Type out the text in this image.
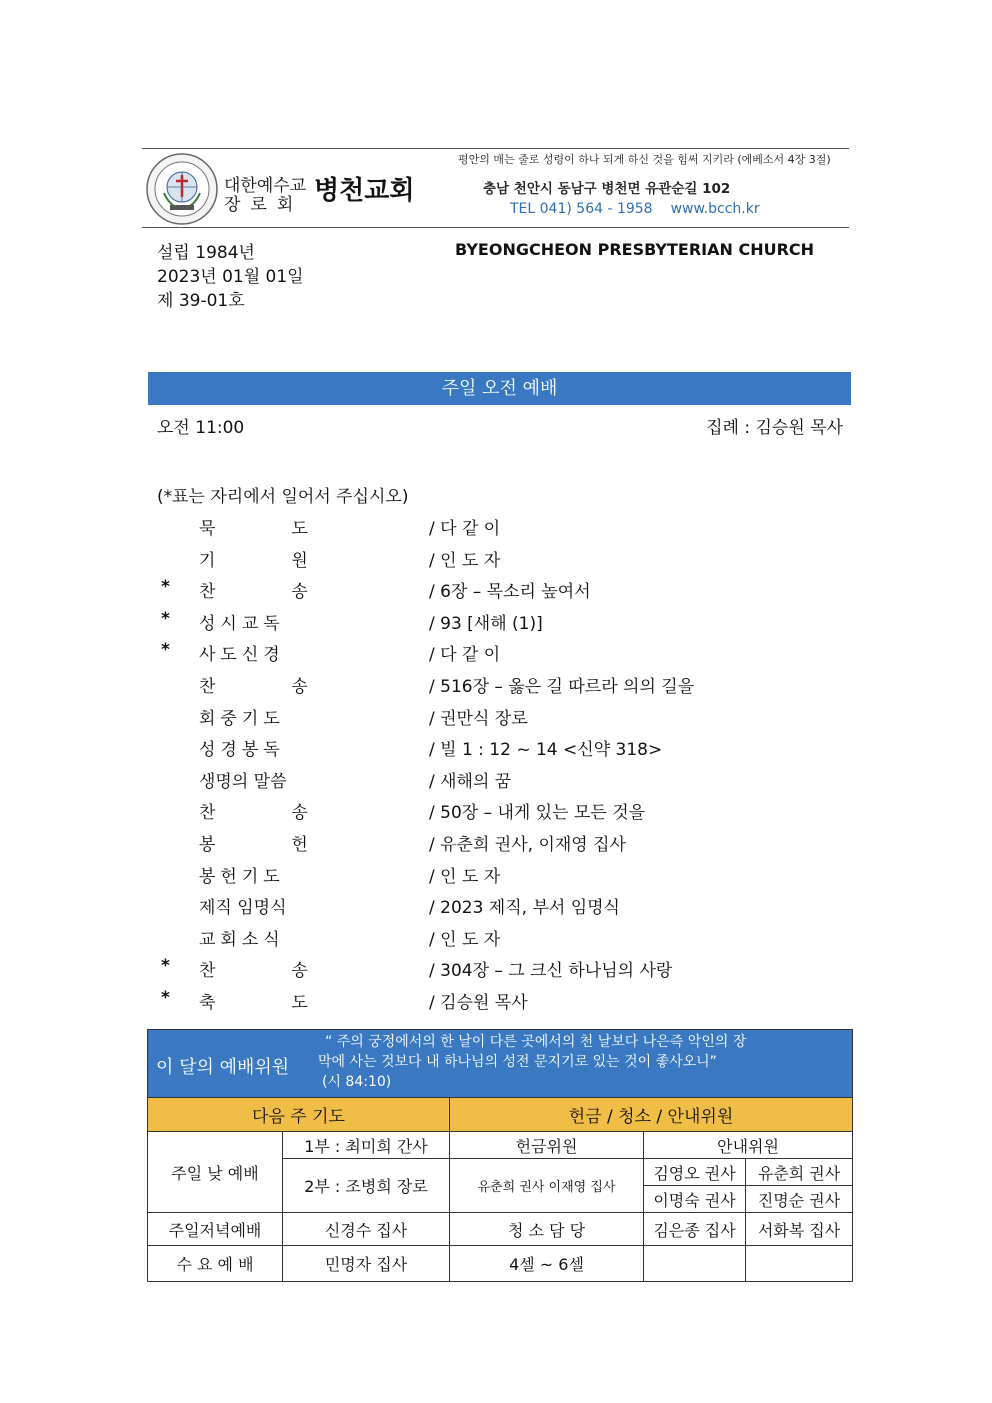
대한예수교
장로회 병천교회
평안의 매는 줄로 성령이 하나 되게 하신 것을 힘써 지키라 (에베소서 4장 3절)
충남 천안시 동남구 병천면 유관순길 102
TEL 041) 564 - 1958 www.bcch.kr
설립 1984년
2023년 01월 01일
제 39-01호
BYEONGCHEON PRESBYTERIAN CHURCH
주일 오전 예배
오전 11:00	집례 : 김승원 목사
(*표는 자리에서 일어서 주십시오)
묵도	/ 다 같 이
기원	/ 인 도 자
* 찬송	/ 6장 – 목소리 높여서
* 성시교독	/ 93 [새해 (1)]
* 사도신경	/ 다 같 이
찬송	/ 516장 – 옳은 길 따르라 의의 길을
회중기도	/ 권만식 장로
성경봉독	/ 빌 1 : 12 ~ 14 <신약 318>
생명의 말씀	/ 새해의 꿈
찬송	/ 50장 – 내게 있는 모든 것을
봉헌	/ 유춘희 권사, 이재영 집사
봉헌기도	/ 인 도 자
제직 임명식	/ 2023 제직, 부서 임명식
교회소식	/ 인 도 자
* 찬송	/ 304장 – 그 크신 하나님의 사랑
* 축도	/ 김승원 목사
이 달의 예배위원
“ 주의 궁정에서의 한 날이 다른 곳에서의 천 날보다 나은즉 악인의 장
막에 사는 것보다 내 하나님의 성전 문지기로 있는 것이 좋사오니”
(시 84:10)				

다음 주 기도		헌금 / 청소 / 안내위원		
주일 낮 예배	1부 : 최미희 간사	헌금위원	안내위원	
	2부 : 조병희 장로	유춘희 권사 이재영 집사	김영오 권사	유춘희 권사
			이명숙 권사	진명순 권사
주일저녁예배	신경수 집사	청 소 담 당	김은종 집사	서화복 집사
수 요 예 배	민명자 집사	4셀 ~ 6셀		
